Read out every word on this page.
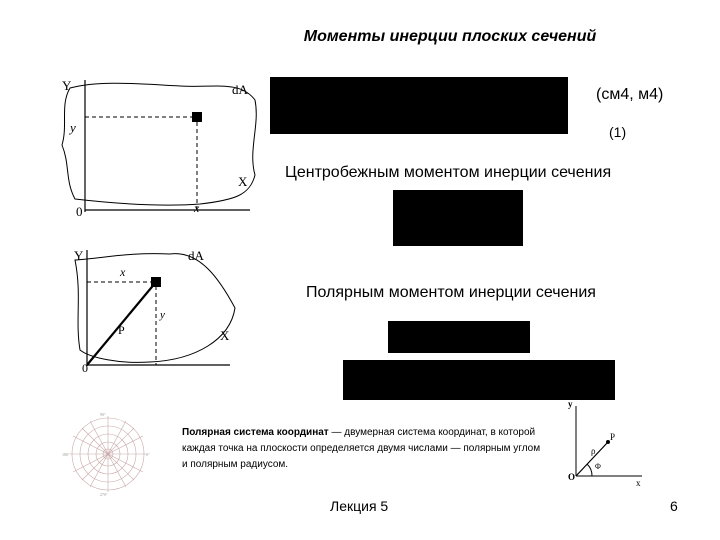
Моменты инерции плоских сечений
Y	dA
y
X
0	x
(см4, м4)
(1)
Центробежным моментом инерции сечения
Y	dA
x
y
P	X
0
Полярным моментом инерции сечения
90°
0°
180°
270°
Полярная система координат — двумерная система координат, в которой каждая точка на плоскости определяется двумя числами — полярным углом и полярным радиусом.
y
ρ
P
O
Φ
x
Лекция 5	6
